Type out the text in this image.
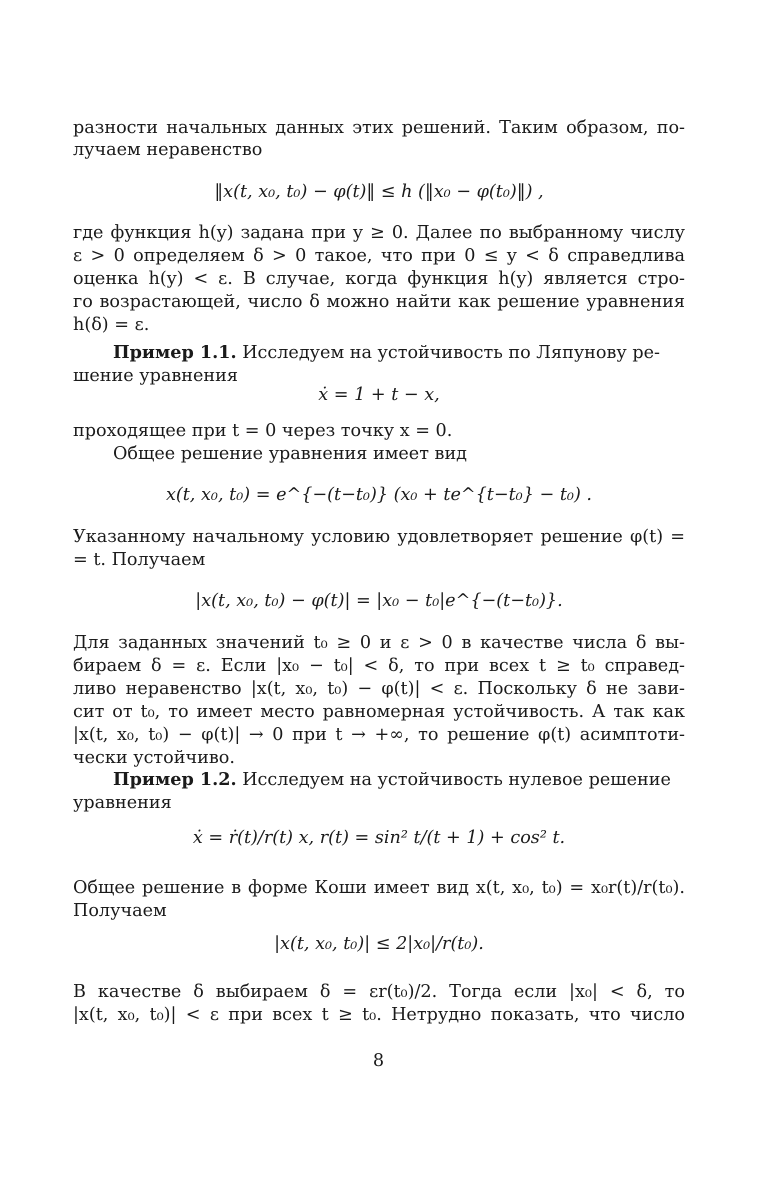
разности начальных данных этих решений. Таким образом, по-
лучаем неравенство
‖x(t, x₀, t₀) − φ(t)‖ ≤ h (‖x₀ − φ(t₀)‖) ,
где функция h(y) задана при y ≥ 0. Далее по выбранному числу
ε > 0 определяем δ > 0 такое, что при 0 ≤ y < δ справедлива
оценка h(y) < ε. В случае, когда функция h(y) является стро-
го возрастающей, число δ можно найти как решение уравнения
h(δ) = ε.
Пример 1.1. Исследуем на устойчивость по Ляпунову ре-
шение уравнения
ẋ = 1 + t − x,
проходящее при t = 0 через точку x = 0.
Общее решение уравнения имеет вид
x(t, x₀, t₀) = e^{−(t−t₀)} (x₀ + te^{t−t₀} − t₀) .
Указанному начальному условию удовлетворяет решение φ(t) =
= t. Получаем
|x(t, x₀, t₀) − φ(t)| = |x₀ − t₀|e^{−(t−t₀)}.
Для заданных значений t₀ ≥ 0 и ε > 0 в качестве числа δ вы-
бираем δ = ε. Если |x₀ − t₀| < δ, то при всех t ≥ t₀ справед-
ливо неравенство |x(t, x₀, t₀) − φ(t)| < ε. Поскольку δ не зави-
сит от t₀, то имеет место равномерная устойчивость. А так как
|x(t, x₀, t₀) − φ(t)| → 0 при t → +∞, то решение φ(t) асимптоти-
чески устойчиво.
Пример 1.2. Исследуем на устойчивость нулевое решение
уравнения
ẋ = ṙ(t)/r(t) x, r(t) = sin² t/(t + 1) + cos² t.
Общее решение в форме Коши имеет вид x(t, x₀, t₀) = x₀r(t)/r(t₀).
Получаем
|x(t, x₀, t₀)| ≤ 2|x₀|/r(t₀).
В качестве δ выбираем δ = εr(t₀)/2. Тогда если |x₀| < δ, то
|x(t, x₀, t₀)| < ε при всех t ≥ t₀. Нетрудно показать, что число
8
